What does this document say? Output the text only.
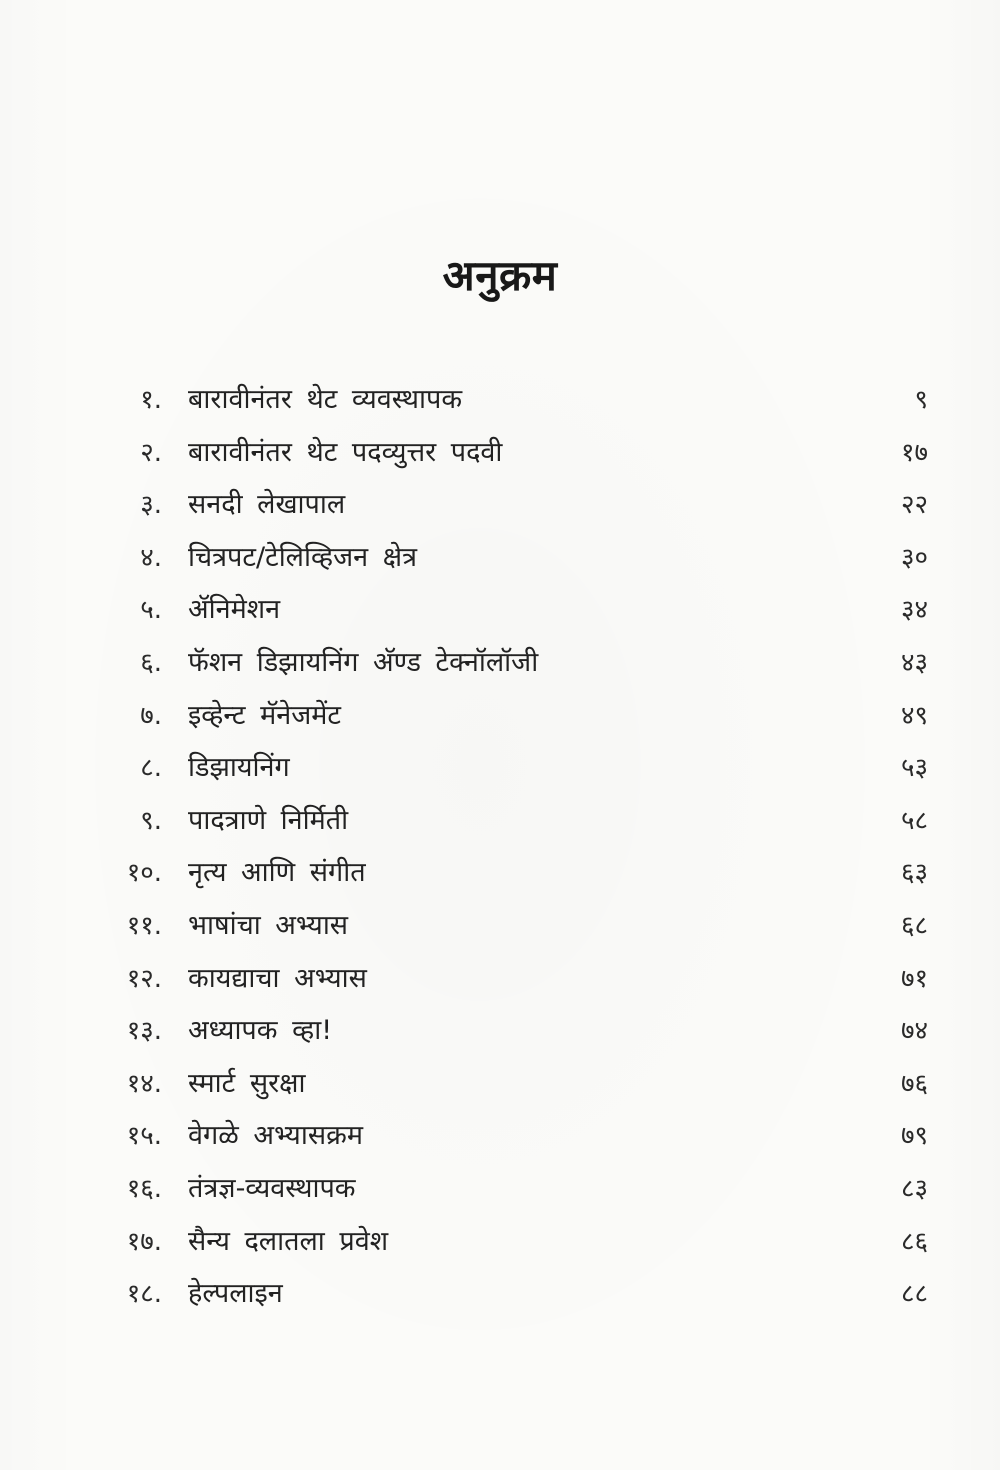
अनुक्रम
१. बारावीनंतर थेट व्यवस्थापक	९
२. बारावीनंतर थेट पदव्युत्तर पदवी	१७
३. सनदी लेखापाल	२२
४. चित्रपट/टेलिव्हिजन क्षेत्र	३०
५. ॲनिमेशन	३४
६. फॅशन डिझायनिंग अ‍ॅण्ड टेक्नॉलॉजी	४३
७. इव्हेन्ट मॅनेजमेंट	४९
८. डिझायनिंग	५३
९. पादत्राणे निर्मिती	५८
१०. नृत्य आणि संगीत	६३
११. भाषांचा अभ्यास	६८
१२. कायद्याचा अभ्यास	७१
१३. अध्यापक व्हा!	७४
१४. स्मार्ट सुरक्षा	७६
१५. वेगळे अभ्यासक्रम	७९
१६. तंत्रज्ञ-व्यवस्थापक	८३
१७. सैन्य दलातला प्रवेश	८६
१८. हेल्पलाइन	८८
